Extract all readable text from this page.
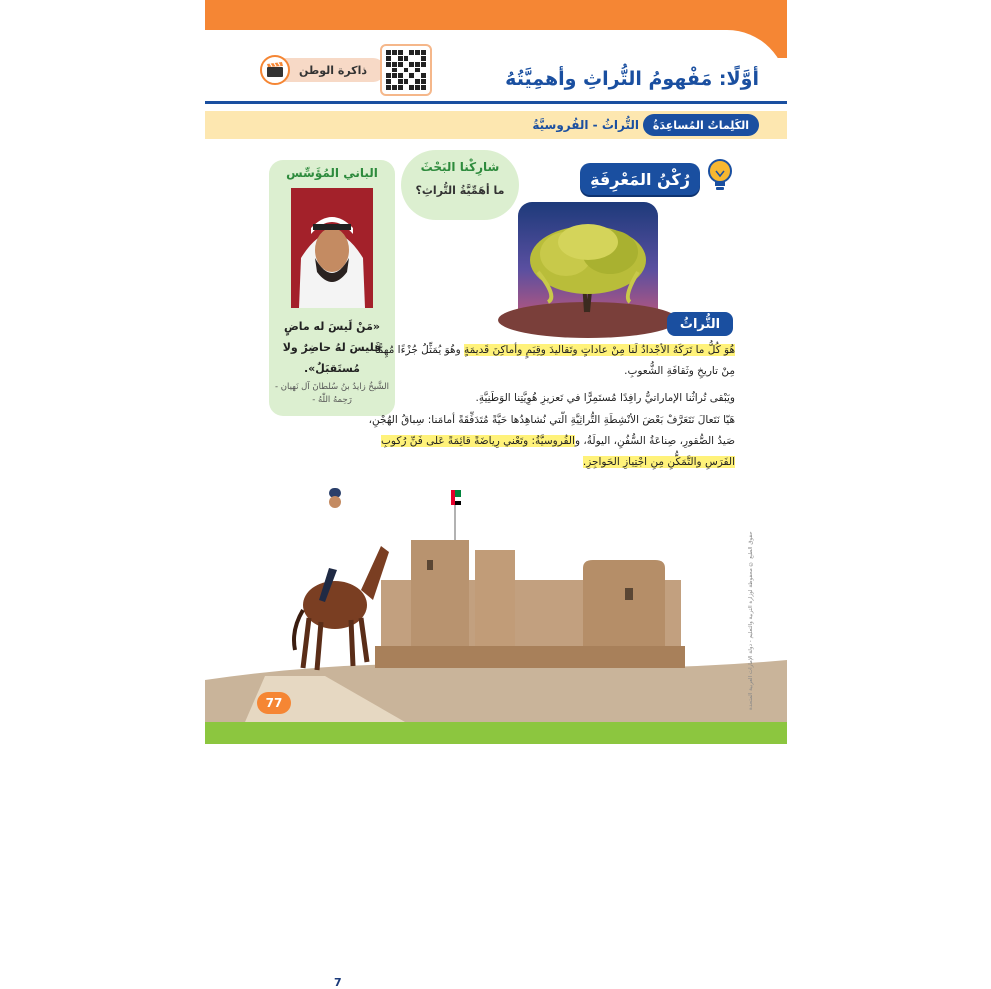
ذاكرة الوطن	أوَّلًا: مَفْهومُ التُّراثِ وأهمِيَّتُهُ
الكَلِماتُ المُساعِدَةُ
التُّراثُ - الفُروسيَّةُ
رُكْنُ المَعْرِفَةِ
شارِكْنا البَحْثَ
ما أهَمِّيَّةُ التُّراثِ؟
التُّراثُ
الباني المُؤَسِّس
«مَنْ لَيسَ له ماضٍ فَليسَ لهُ حاضِرٌ ولا مُستَقبَلٌ».
الشَّيخُ زايدُ بنُ سُلطانَ آل نَهيان - رَحِمهُ اللّٰهُ -
هُوَ كُلُّ ما تَرَكَهُ الأجْدادُ لَنا مِنْ عاداتٍ وتَقاليدَ وقِيَمٍ وأماكِنَ قَديمَةٍ وهُوَ يُمَثِّلُ جُزْءًا مُهِمًّا مِنْ تاريخِ وثَقافَةِ الشُّعوبِ.
ويَبْقى تُراثُنا الإماراتيُّ رافِدًا مُستَمِرًّا في تَعزيزِ هُوِيَّتِنا الوَطَنِيَّةِ.
هَيّا نَتَعالَ نَتَعَرَّفْ بَعْضَ الأنْشِطَةِ التُّراثِيَّةِ الّتي نُشاهِدُها حَيَّةً مُتَدَفِّقَةً أمامَنا: سِباقُ الهُجْنِ، صَيدُ الصُّقورِ، صِناعَةُ السُّفُنِ، اليولَةُ، والفُروسيَّةُ: وتَعْني رِياضَةً قائِمَةً عَلى فَنِّ رُكوبِ الفَرَسِ والتَّمَكُّنِ مِنِ اجْتِيازِ الحَواجِزِ.
7
77	حقوق الطبع © محفوظة لوزارة التربية والتعليم - دولة الإمارات العربية المتحدة
